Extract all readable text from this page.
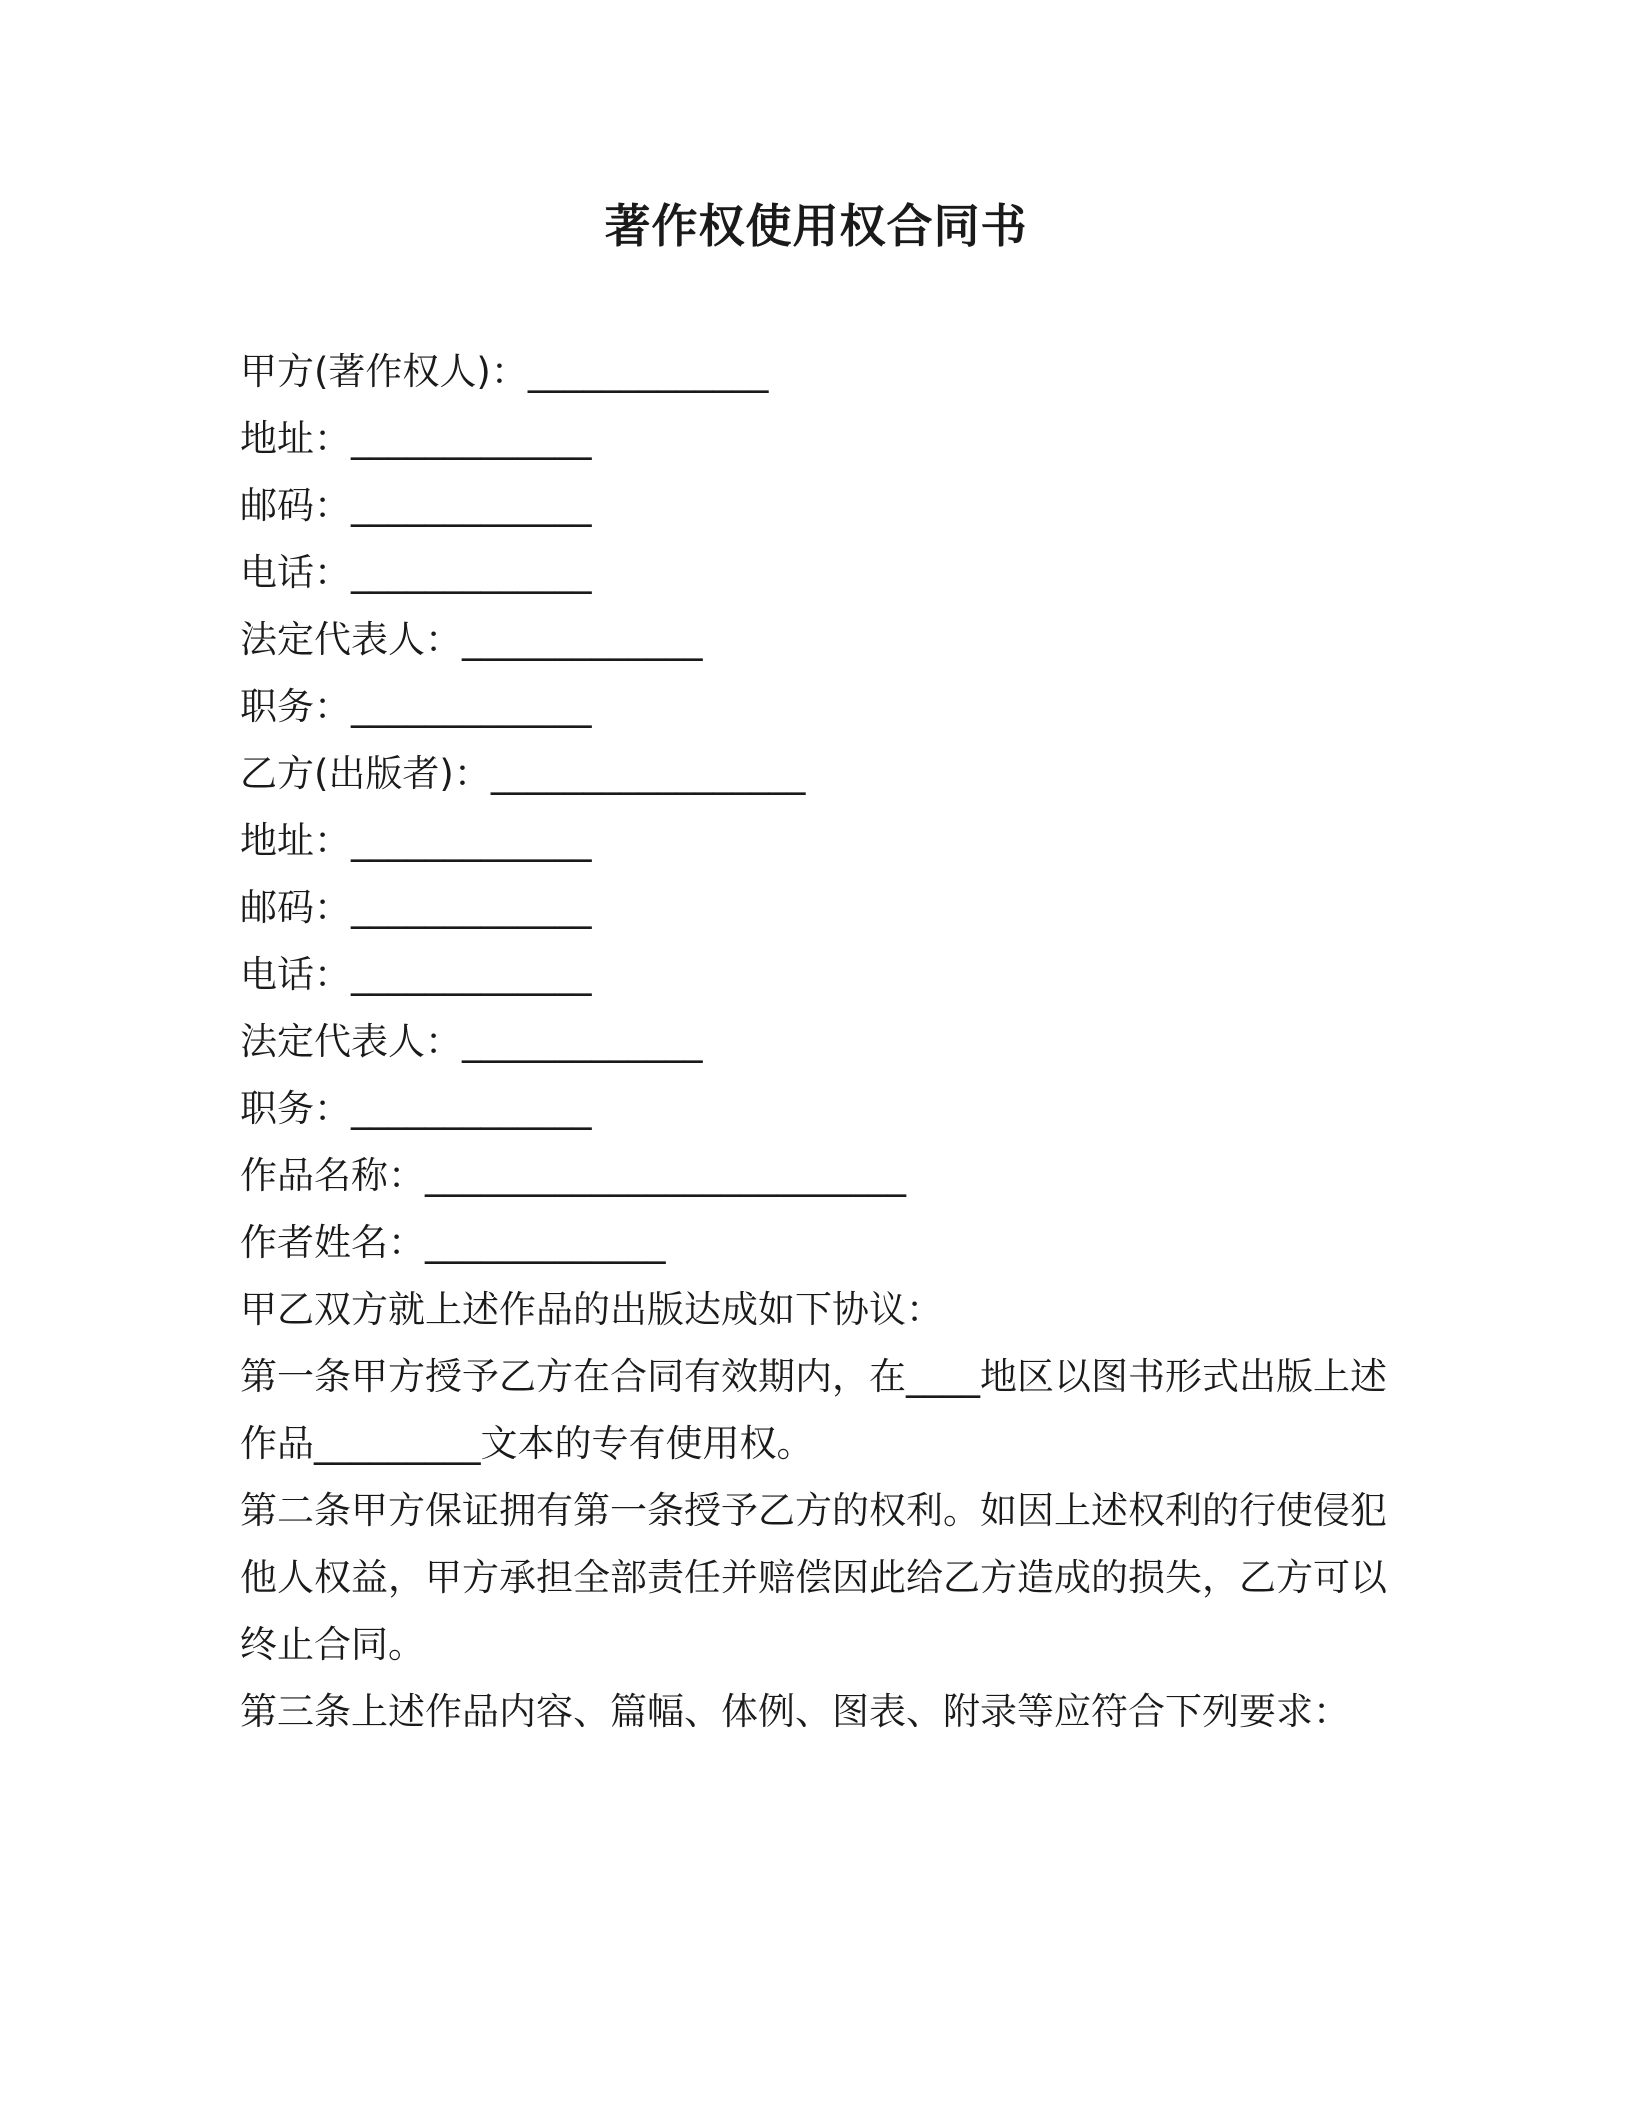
著作权使用权合同书
甲方(著作权人)：_____________
地址：_____________
邮码：_____________
电话：_____________
法定代表人：_____________
职务：_____________
乙方(出版者)：_________________
地址：_____________
邮码：_____________
电话：_____________
法定代表人：_____________
职务：_____________
作品名称：__________________________
作者姓名：_____________
甲乙双方就上述作品的出版达成如下协议：
第一条甲方授予乙方在合同有效期内，在____地区以图书形式出版上述作品_________文本的专有使用权。
第二条甲方保证拥有第一条授予乙方的权利。如因上述权利的行使侵犯他人权益，甲方承担全部责任并赔偿因此给乙方造成的损失，乙方可以终止合同。
第三条上述作品内容、篇幅、体例、图表、附录等应符合下列要求：
